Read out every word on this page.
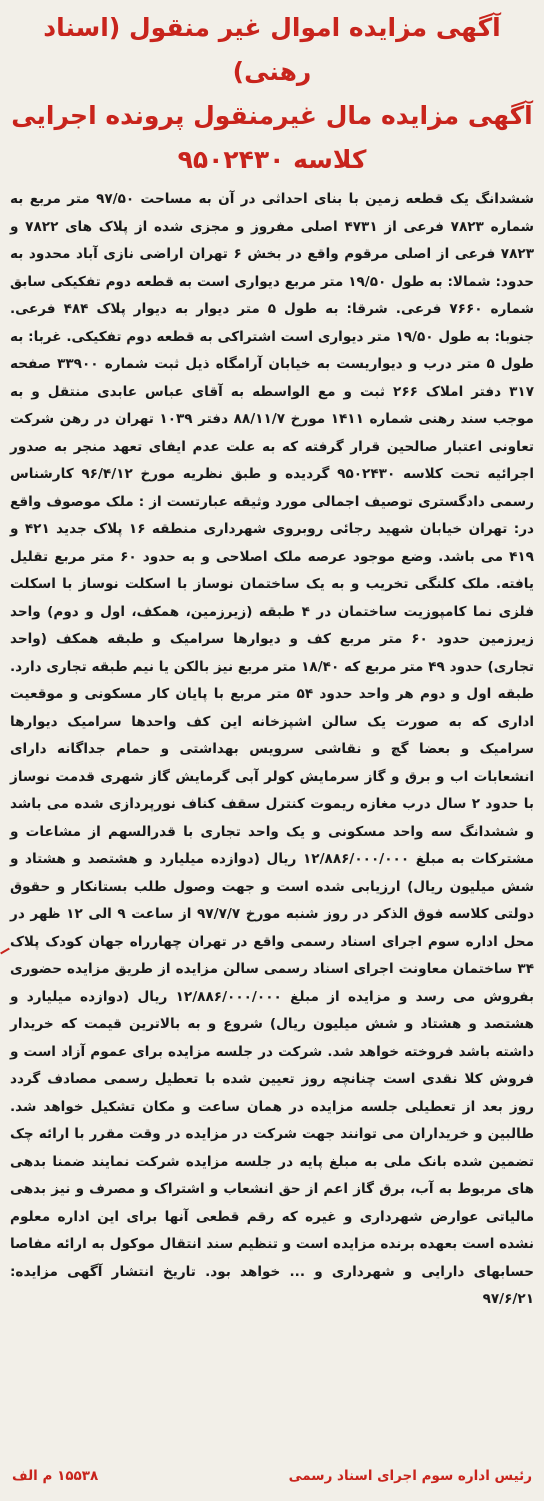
آگهی مزایده اموال غیر منقول (اسناد رهنی)
آگهی مزایده مال غیرمنقول پرونده اجرایی
کلاسه ۹۵۰۲۴۳۰

ششدانگ یک قطعه زمین با بنای احداثی در آن به مساحت ۹۷/۵۰ متر مربع به شماره ۷۸۲۳ فرعی از ۴۷۳۱ اصلی مفروز و مجزی شده از پلاک های ۷۸۲۲ و ۷۸۲۳ فرعی از اصلی مرقوم واقع در بخش ۶ تهران اراضی نازی آباد محدود به حدود: شمالا: به طول ۱۹/۵۰ متر مربع دیواری است به قطعه دوم تفکیکی سابق شماره ۷۶۶۰ فرعی. شرقا: به طول ۵ متر دیوار به دیوار پلاک ۴۸۴ فرعی. جنوبا: به طول ۱۹/۵۰ متر دیواری است اشتراکی به قطعه دوم تفکیکی. غربا: به طول ۵ متر درب و دیواریست به خیابان آرامگاه ذیل ثبت شماره ۳۳۹۰۰ صفحه ۳۱۷ دفتر املاک ۲۶۶ ثبت و مع الواسطه به آقای عباس عابدی منتقل و به موجب سند رهنی شماره ۱۴۱۱ مورخ ۸۸/۱۱/۷ دفتر ۱۰۳۹ تهران در رهن شرکت تعاونی اعتبار صالحین قرار گرفته که به علت عدم ایفای تعهد منجر به صدور اجرائیه تحت کلاسه ۹۵۰۲۴۳۰ گردیده و طبق نظریه مورخ ۹۶/۴/۱۲ کارشناس رسمی دادگستری توصیف اجمالی مورد وثیقه عبارتست از : ملک موصوف واقع در: تهران خیابان شهید رجائی روبروی شهرداری منطقه ۱۶ پلاک جدید ۴۲۱ و ۴۱۹ می باشد. وضع موجود عرصه ملک اصلاحی و به حدود ۶۰ متر مربع تقلیل یافته. ملک کلنگی تخریب و به یک ساختمان نوساز با اسکلت نوساز با اسکلت فلزی نما کامپوزیت ساختمان در ۴ طبقه (زیرزمین، همکف، اول و دوم) واحد زیرزمین حدود ۶۰ متر مربع کف و دیوارها سرامیک و طبقه همکف (واحد تجاری) حدود ۴۹ متر مربع که ۱۸/۴۰ متر مربع نیز بالکن یا نیم طبقه تجاری دارد. طبقه اول و دوم هر واحد حدود ۵۴ متر مربع با پایان کار مسکونی و موقعیت اداری که به صورت یک سالن اشپزخانه این کف واحدها سرامیک دیوارها سرامیک و بعضا گچ و نقاشی سرویس بهداشتی و حمام جداگانه دارای انشعابات اب و برق و گاز سرمایش کولر آبی گرمایش گاز شهری قدمت نوساز با حدود ۲ سال درب مغازه ریموت کنترل سقف کناف نورپردازی شده می باشد و ششدانگ سه واحد مسکونی و یک واحد تجاری با قدرالسهم از مشاعات و مشترکات به مبلغ ۱۲/۸۸۶/۰۰۰/۰۰۰ ریال (دوازده میلیارد و هشتصد و هشتاد و شش میلیون ریال) ارزیابی شده است و جهت وصول طلب بستانکار و حقوق دولتی کلاسه فوق الذکر در روز شنبه مورخ ۹۷/۷/۷ از ساعت ۹ الی ۱۲ ظهر در محل اداره سوم اجرای اسناد رسمی واقع در تهران چهارراه جهان کودک پلاک ۳۴ ساختمان معاونت اجرای اسناد رسمی سالن مزایده از طریق مزایده حضوری بفروش می رسد و مزایده از مبلغ ۱۲/۸۸۶/۰۰۰/۰۰۰ ریال (دوازده میلیارد و هشتصد و هشتاد و شش میلیون ریال) شروع و به بالاترین قیمت که خریدار داشته باشد فروخته خواهد شد. شرکت در جلسه مزایده برای عموم آزاد است و فروش کلا نقدی است چنانچه روز تعیین شده با تعطیل رسمی مصادف گردد روز بعد از تعطیلی جلسه مزایده در همان ساعت و مکان تشکیل خواهد شد. طالبین و خریداران می توانند جهت شرکت در مزایده در وقت مقرر با ارائه چک تضمین شده بانک ملی به مبلغ پایه در جلسه مزایده شرکت نمایند ضمنا بدهی های مربوط به آب، برق گاز اعم از حق انشعاب و اشتراک و مصرف و نیز بدهی مالیاتی عوارض شهرداری و غیره که رقم قطعی آنها برای این اداره معلوم نشده است بعهده برنده مزایده است و تنظیم سند انتقال موکول به ارائه مفاصا حسابهای دارایی و شهرداری و ... خواهد بود. تاریخ انتشار آگهی مزایده: ۹۷/۶/۲۱

رئیس اداره سوم اجرای اسناد رسمی
۱۵۵۳۸ م الف
